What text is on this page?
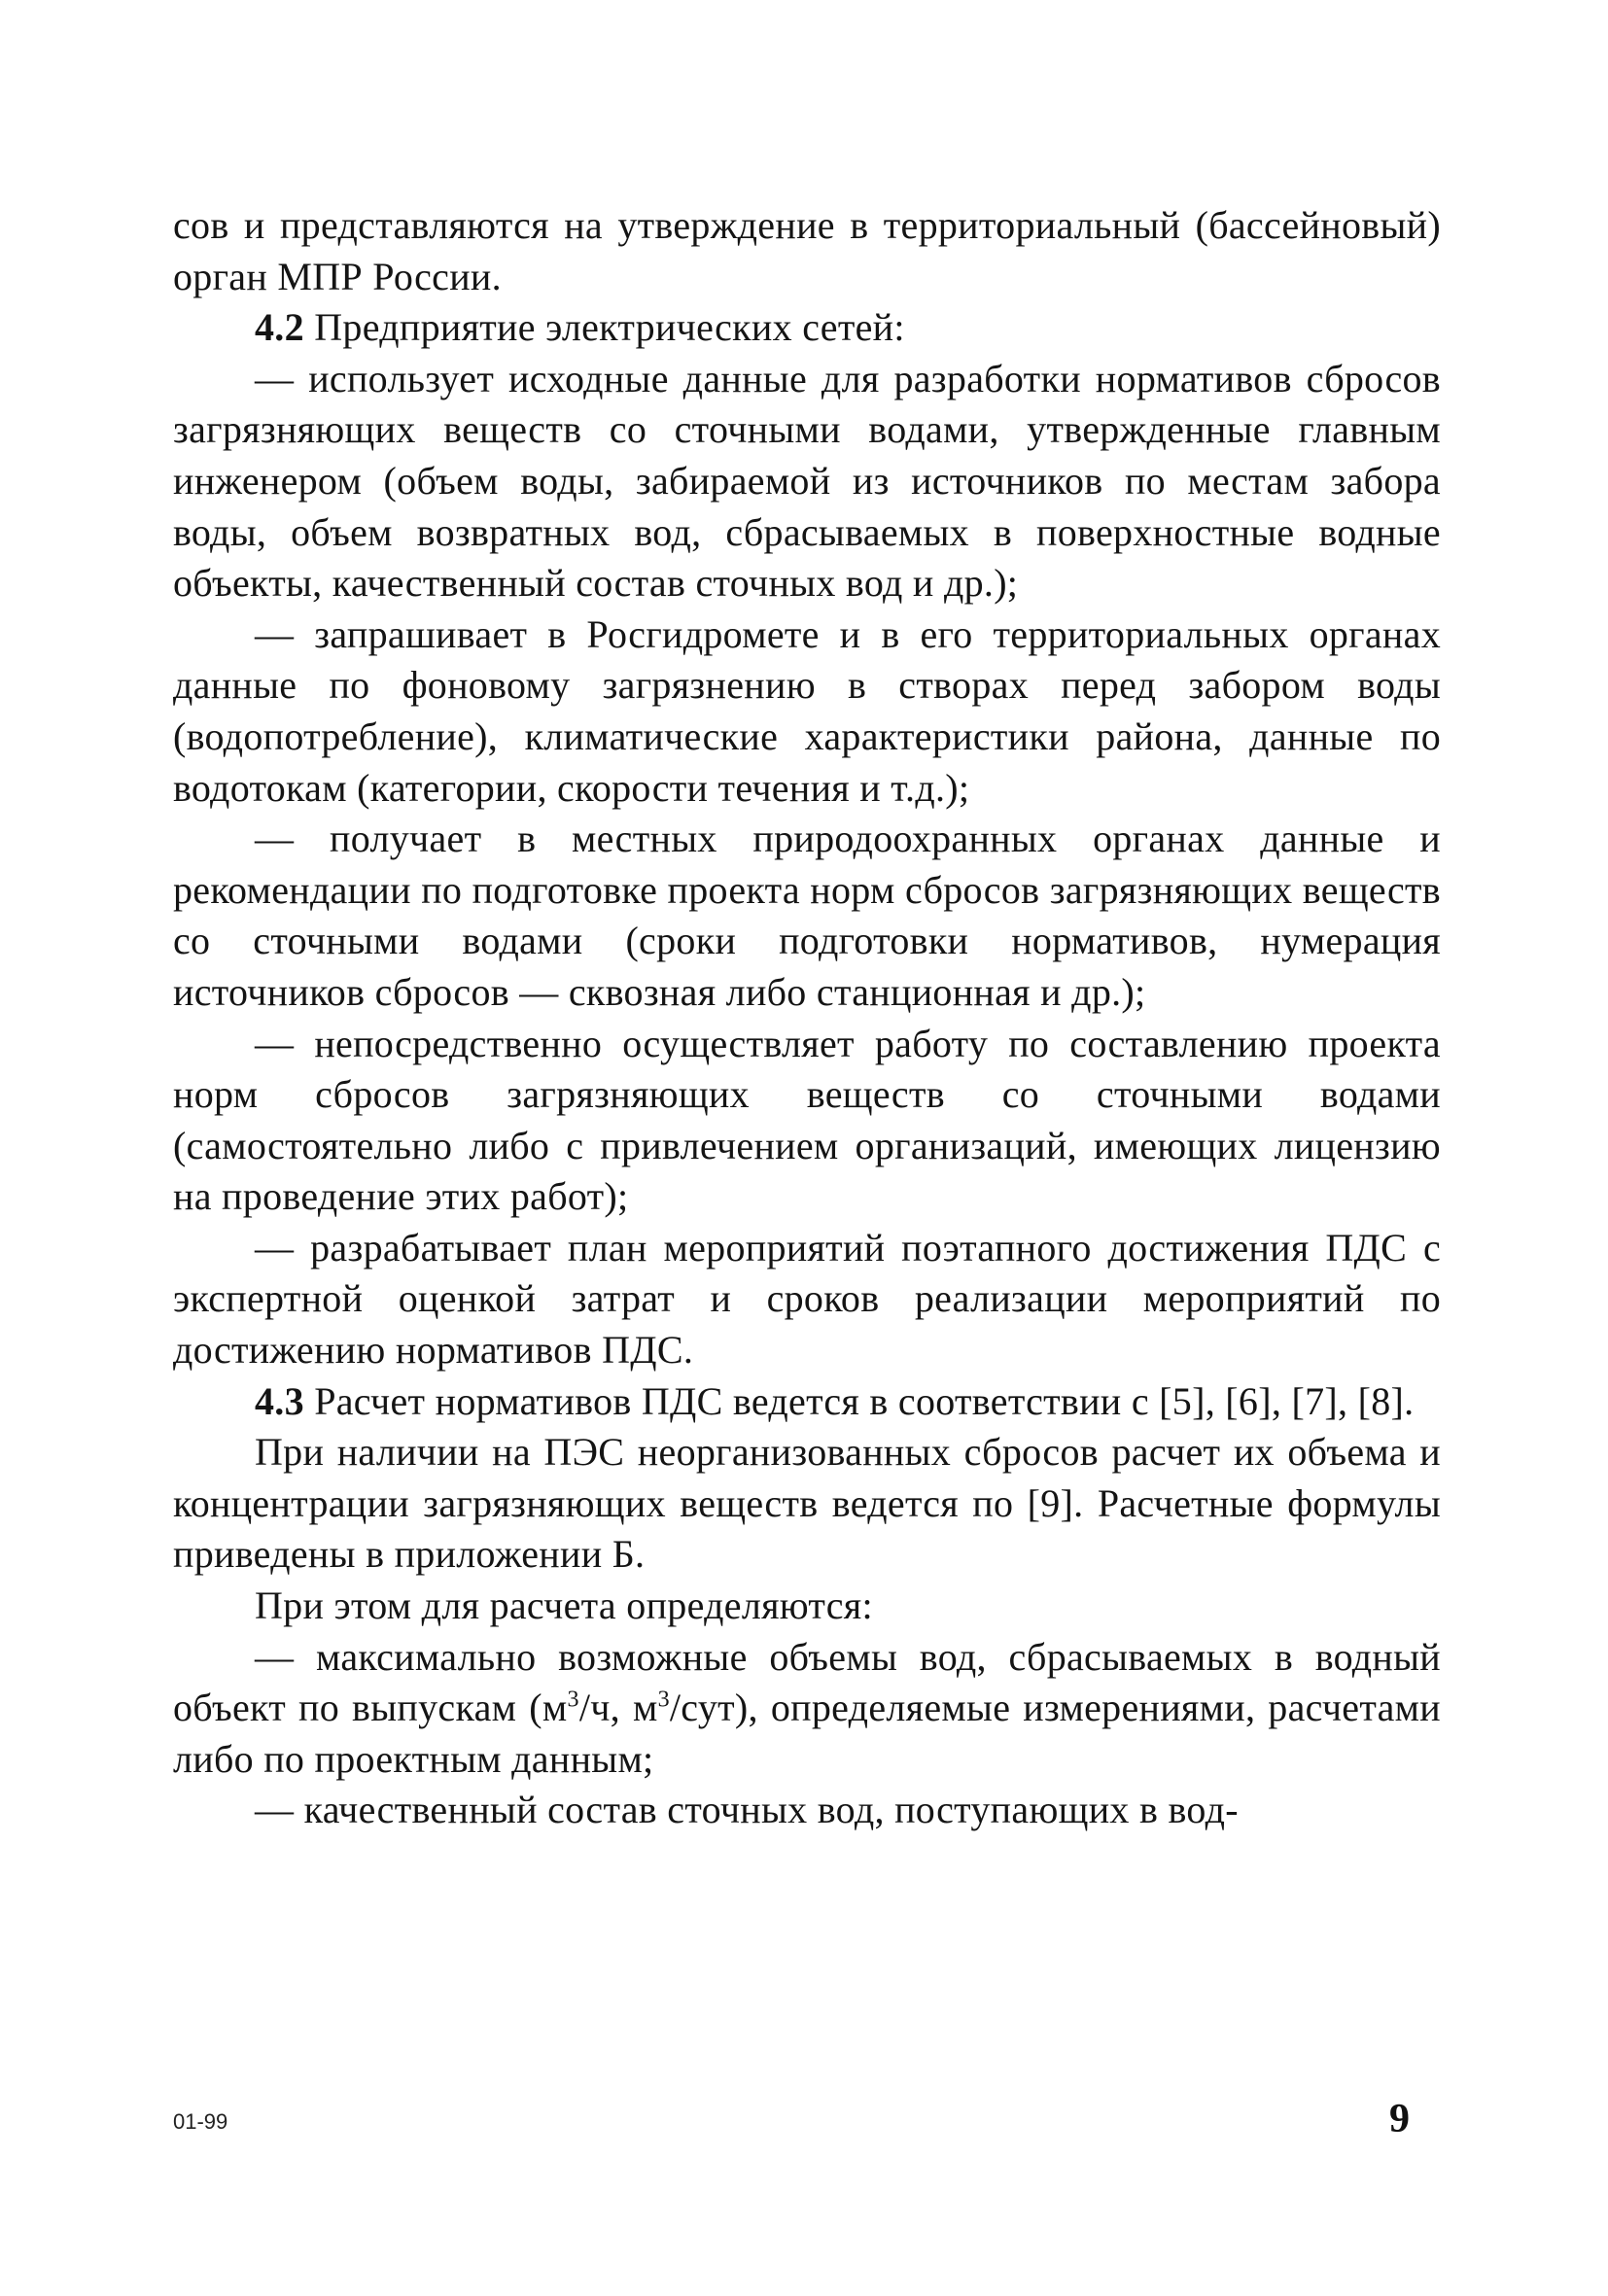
сов и представляются на утверждение в территориальный (бассейновый) орган МПР России.

4.2 Предприятие электрических сетей:

— использует исходные данные для разработки нормативов сбросов загрязняющих веществ со сточными водами, утвержденные главным инженером (объем воды, забираемой из источников по местам забора воды, объем возвратных вод, сбрасываемых в поверхностные водные объекты, качественный состав сточных вод и др.);

— запрашивает в Росгидромете и в его территориальных органах данные по фоновому загрязнению в створах перед забором воды (водопотребление), климатические характеристики района, данные по водотокам (категории, скорости течения и т.д.);

— получает в местных природоохранных органах данные и рекомендации по подготовке проекта норм сбросов загрязняющих веществ со сточными водами (сроки подготовки нормативов, нумерация источников сбросов — сквозная либо станционная и др.);

— непосредственно осуществляет работу по составлению проекта норм сбросов загрязняющих веществ со сточными водами (самостоятельно либо с привлечением организаций, имеющих лицензию на проведение этих работ);

— разрабатывает план мероприятий поэтапного достижения ПДС с экспертной оценкой затрат и сроков реализации мероприятий по достижению нормативов ПДС.

4.3 Расчет нормативов ПДС ведется в соответствии с [5], [6], [7], [8].

При наличии на ПЭС неорганизованных сбросов расчет их объема и концентрации загрязняющих веществ ведется по [9]. Расчетные формулы приведены в приложении Б.

При этом для расчета определяются:

— максимально возможные объемы вод, сбрасываемых в водный объект по выпускам ($м^3/ч$, $м^3/сут$), определяемые измерениями, расчетами либо по проектным данным;

— качественный состав сточных вод, поступающих в вод-

01-99	9
